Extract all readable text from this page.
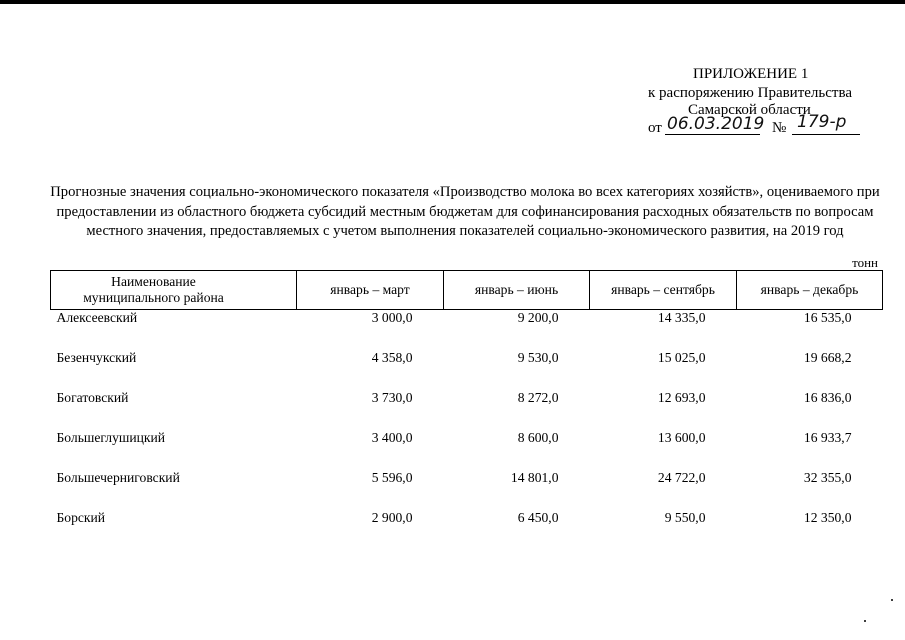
ПРИЛОЖЕНИЕ 1
к распоряжению Правительства
Самарской области
от	№
06.03.2019 179-р
Прогнозные значения социально-экономического показателя «Производство молока во всех категориях хозяйств», оцениваемого при предоставлении из областного бюджета субсидий местным бюджетам для софинансирования расходных обязательств по вопросам местного значения, предоставляемых с учетом выполнения показателей социально-экономического развития, на 2019 год
тонн
Наименование муниципального района	январь – март	январь – июнь	январь – сентябрь	январь – декабрь
Алексеевский	3 000,0	9 200,0	14 335,0	16 535,0
Безенчукский	4 358,0	9 530,0	15 025,0	19 668,2
Богатовский	3 730,0	8 272,0	12 693,0	16 836,0
Большеглушицкий	3 400,0	8 600,0	13 600,0	16 933,7
Большечерниговский	5 596,0	14 801,0	24 722,0	32 355,0
Борский	2 900,0	6 450,0	9 550,0	12 350,0
